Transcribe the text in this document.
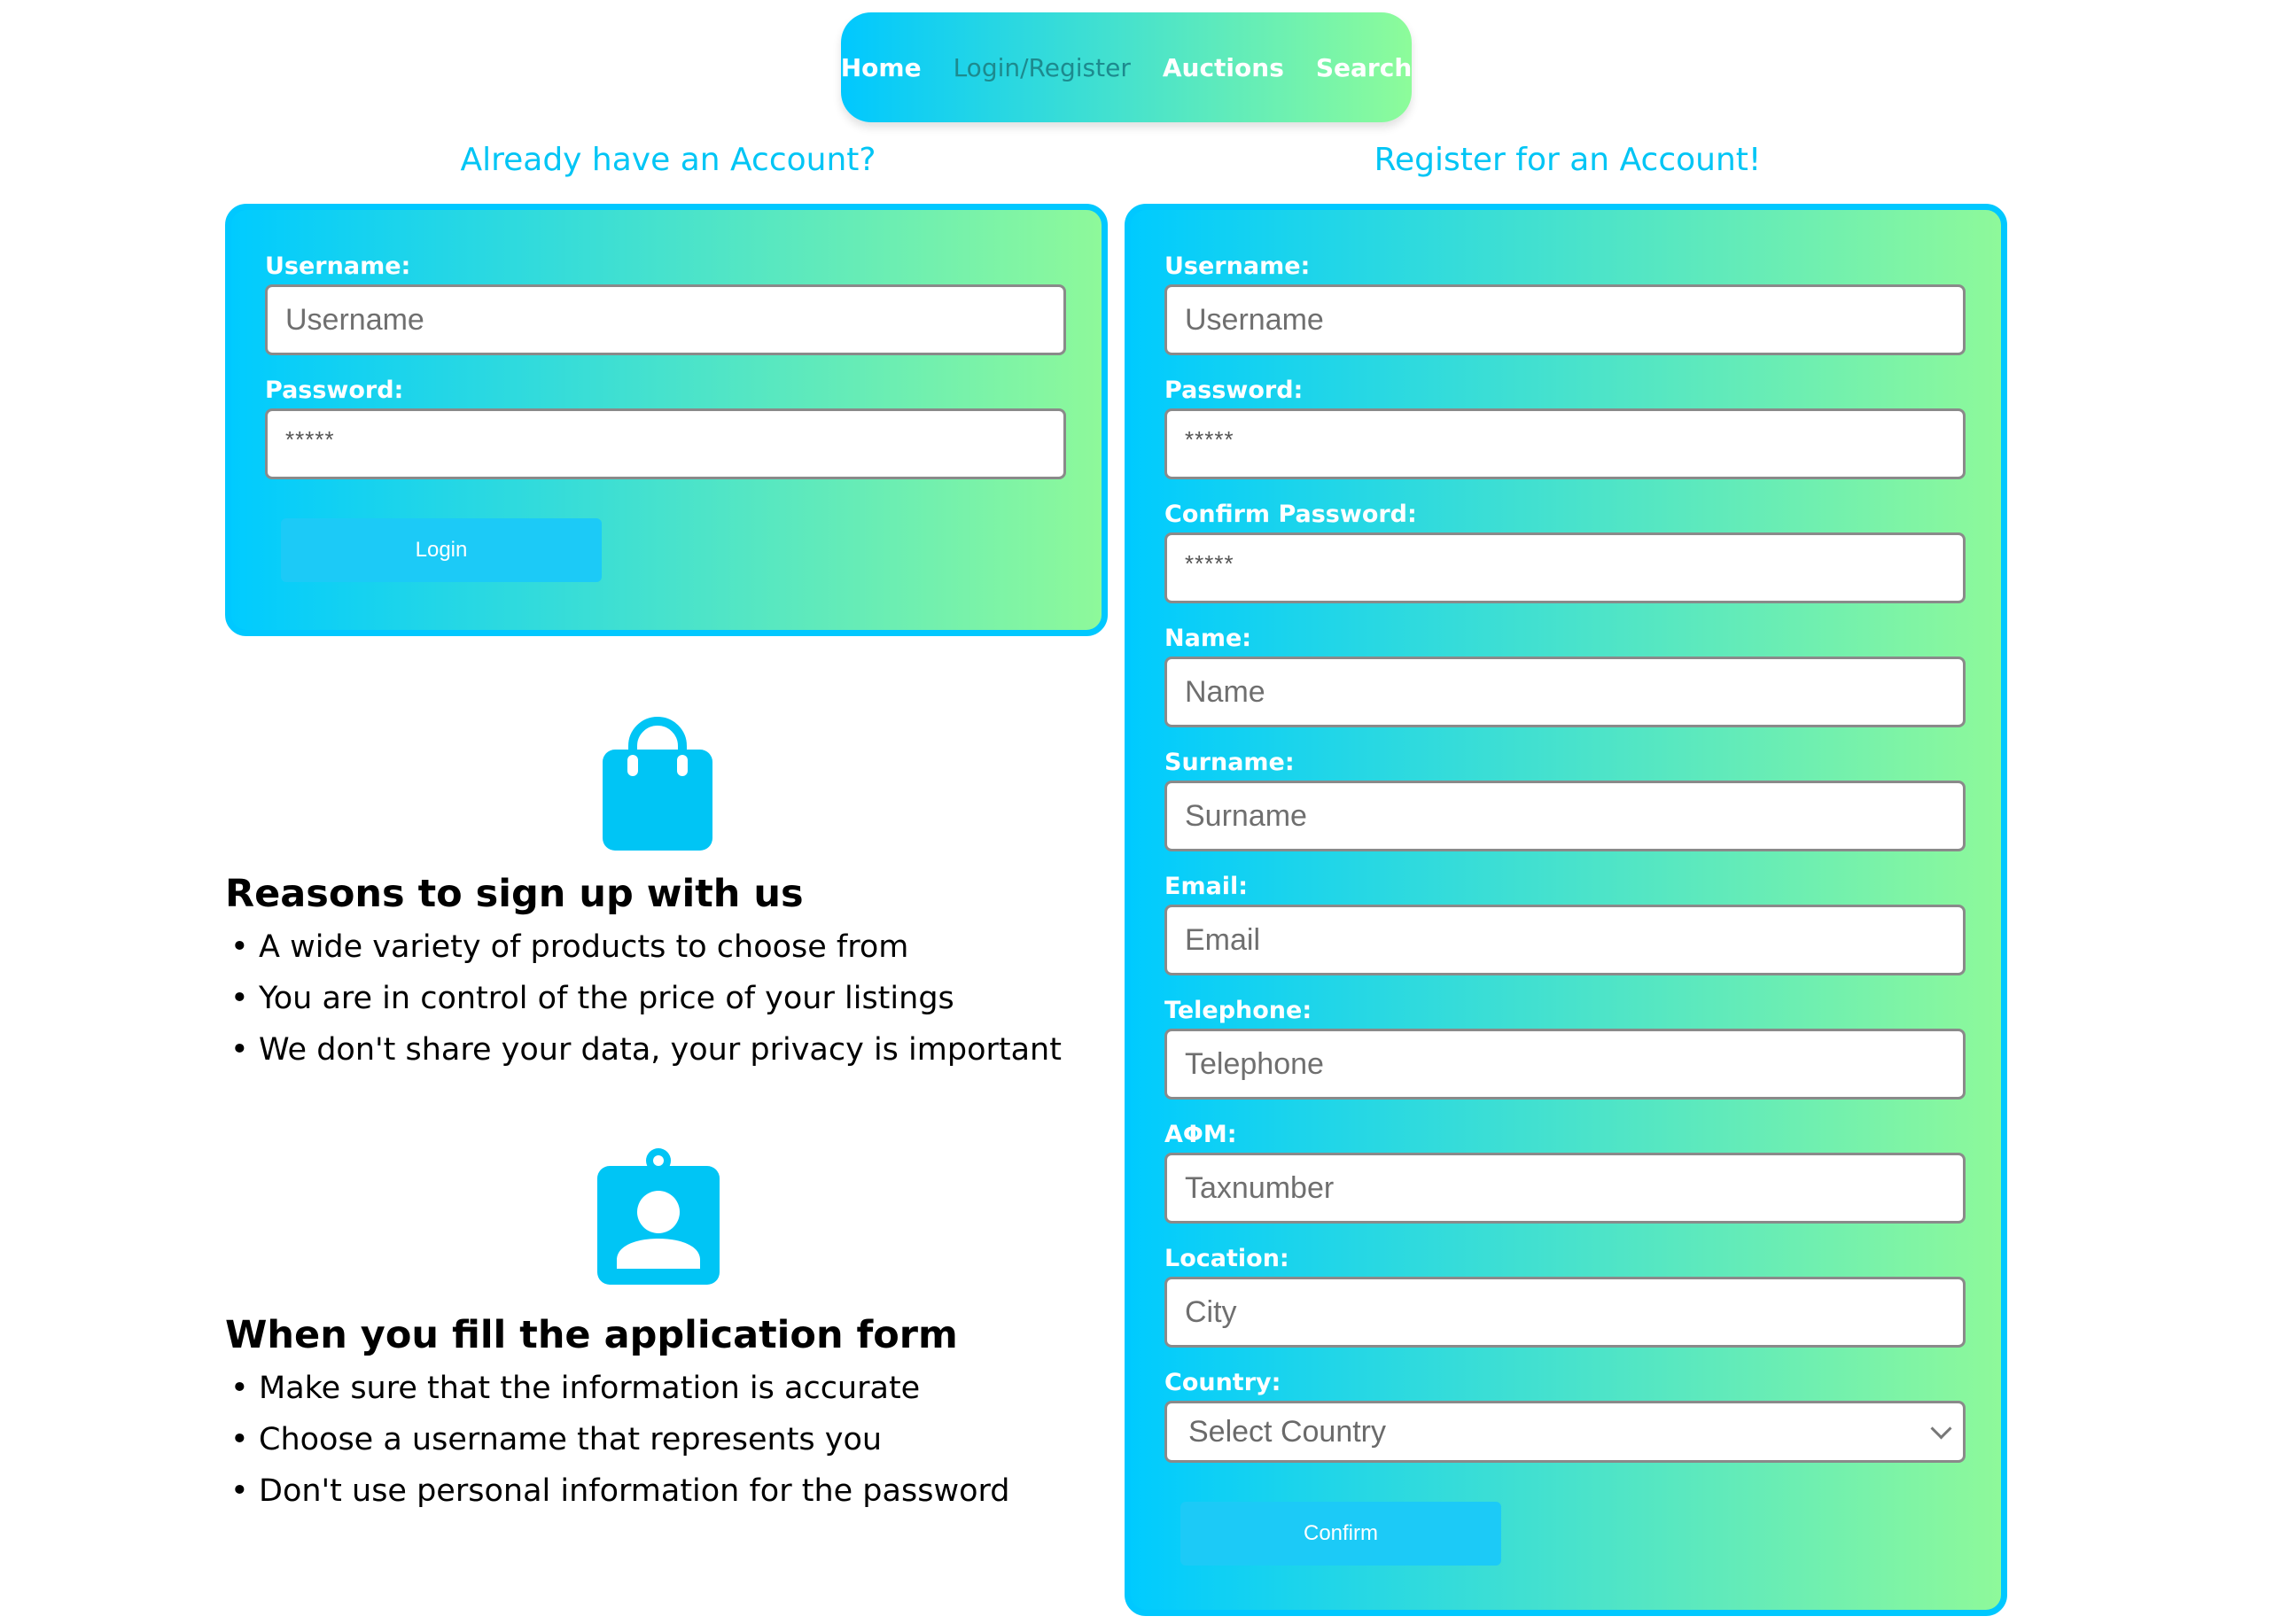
Home Login/Register Auctions Search
Already have an Account?	Register for an Account!
Username:
Username
Password:
*****
Login
Username:
Username
Password:
*****
Confirm Password:
*****
Name:
Name
Surname:
Surname
Email:
Email
Telephone:
Telephone
ΑΦΜ:
Taxnumber
Location:
City
Country:
Select Country
Confirm
Reasons to sign up with us
• A wide variety of products to choose from
• You are in control of the price of your listings
• We don't share your data, your privacy is important
When you fill the application form
• Make sure that the information is accurate
• Choose a username that represents you
• Don't use personal information for the password
